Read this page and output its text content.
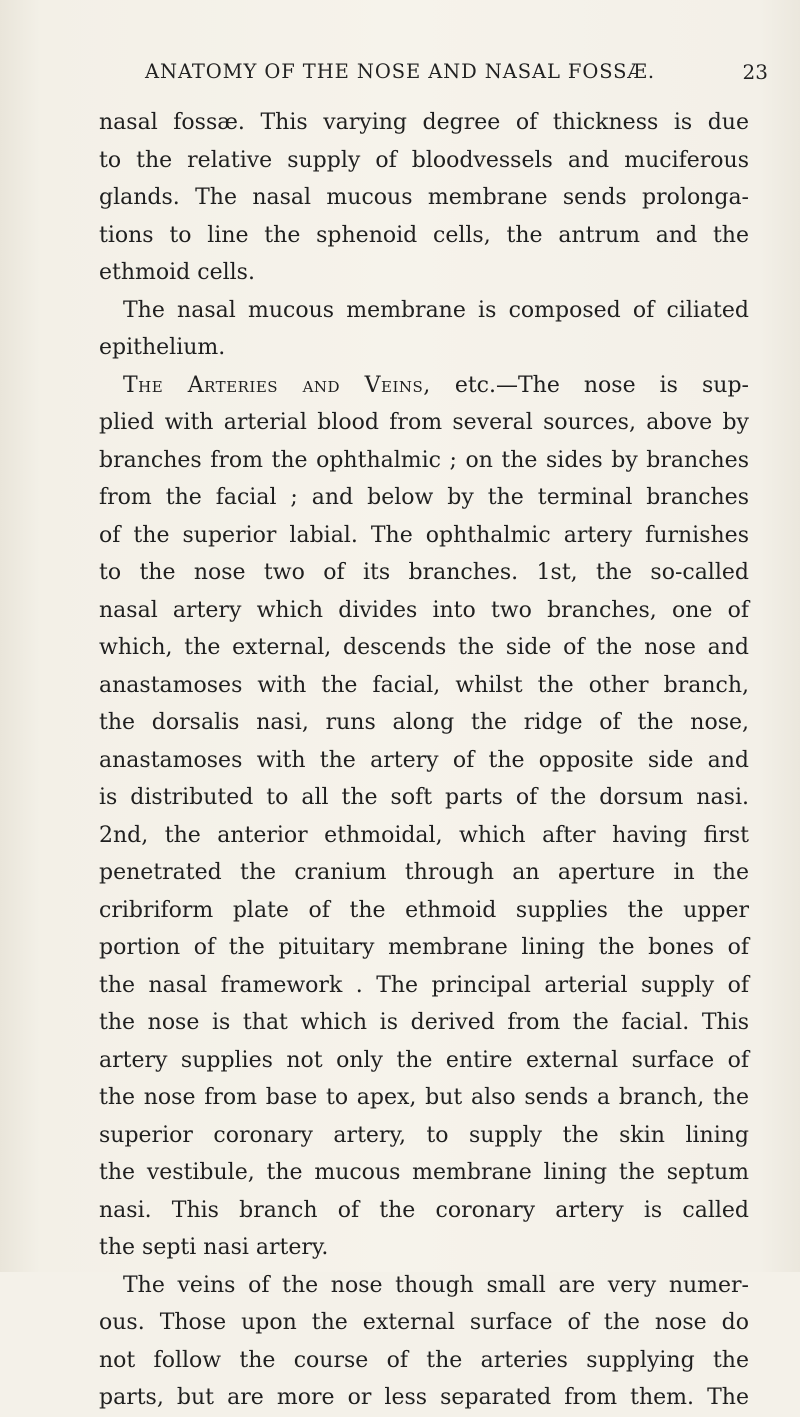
ANATOMY OF THE NOSE AND NASAL FOSSÆ.	23
nasal fossæ. This varying degree of thickness is due
to the relative supply of bloodvessels and muciferous
glands. The nasal mucous membrane sends prolonga-
tions to line the sphenoid cells, the antrum and the
ethmoid cells.
The nasal mucous membrane is composed of ciliated
epithelium.
The Arteries and Veins, etc.—The nose is sup-
plied with arterial blood from several sources, above by
branches from the ophthalmic ; on the sides by branches
from the facial ; and below by the terminal branches
of the superior labial. The ophthalmic artery furnishes
to the nose two of its branches. 1st, the so-called
nasal artery which divides into two branches, one of
which, the external, descends the side of the nose and
anastamoses with the facial, whilst the other branch,
the dorsalis nasi, runs along the ridge of the nose,
anastamoses with the artery of the opposite side and
is distributed to all the soft parts of the dorsum nasi.
2nd, the anterior ethmoidal, which after having first
penetrated the cranium through an aperture in the
cribriform plate of the ethmoid supplies the upper
portion of the pituitary membrane lining the bones of
the nasal framework . The principal arterial supply of
the nose is that which is derived from the facial. This
artery supplies not only the entire external surface of
the nose from base to apex, but also sends a branch, the
superior coronary artery, to supply the skin lining
the vestibule, the mucous membrane lining the septum
nasi. This branch of the coronary artery is called
the septi nasi artery.
The veins of the nose though small are very numer-
ous. Those upon the external surface of the nose do
not follow the course of the arteries supplying the
parts, but are more or less separated from them. The
